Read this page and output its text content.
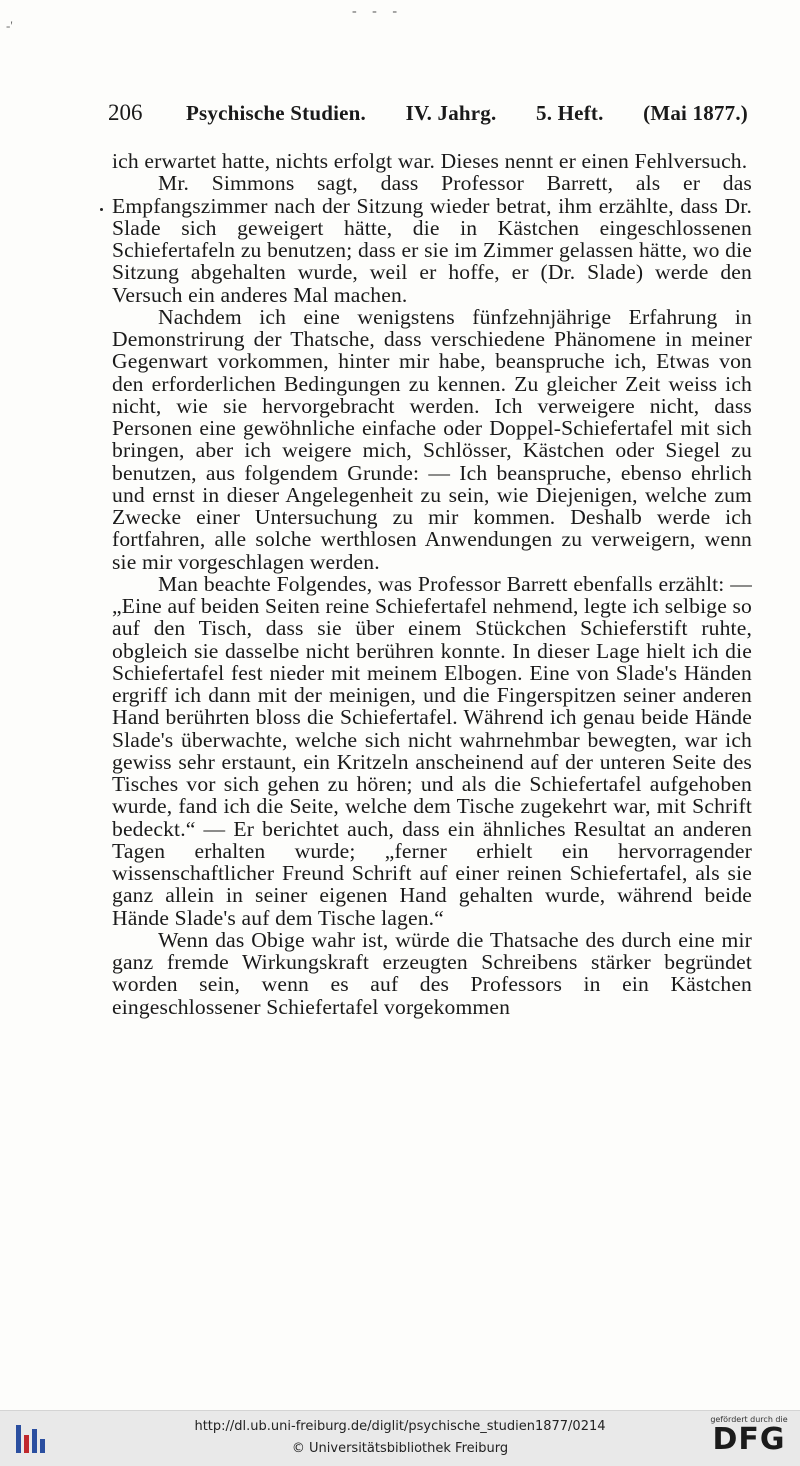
- - -
-'
206	Psychische Studien. IV. Jahrg. 5. Heft. (Mai 1877.)

ich erwartet hatte, nichts erfolgt war. Dieses nennt er einen Fehlversuch.

Mr. Simmons sagt, dass Professor Barrett, als er das Empfangszimmer nach der Sitzung wieder betrat, ihm erzählte, dass Dr. Slade sich geweigert hätte, die in Kästchen eingeschlossenen Schiefertafeln zu benutzen; dass er sie im Zimmer gelassen hätte, wo die Sitzung abgehalten wurde, weil er hoffe, er (Dr. Slade) werde den Versuch ein anderes Mal machen.

Nachdem ich eine wenigstens fünfzehnjährige Erfahrung in Demonstrirung der Thatsche, dass verschiedene Phänomene in meiner Gegenwart vorkommen, hinter mir habe, beanspruche ich, Etwas von den erforderlichen Bedingungen zu kennen. Zu gleicher Zeit weiss ich nicht, wie sie hervorgebracht werden. Ich verweigere nicht, dass Personen eine gewöhnliche einfache oder Doppel-Schiefertafel mit sich bringen, aber ich weigere mich, Schlösser, Kästchen oder Siegel zu benutzen, aus folgendem Grunde: — Ich beanspruche, ebenso ehrlich und ernst in dieser Angelegenheit zu sein, wie Diejenigen, welche zum Zwecke einer Untersuchung zu mir kommen. Deshalb werde ich fortfahren, alle solche werthlosen Anwendungen zu verweigern, wenn sie mir vorgeschlagen werden.

Man beachte Folgendes, was Professor Barrett ebenfalls erzählt: — „Eine auf beiden Seiten reine Schiefertafel nehmend, legte ich selbige so auf den Tisch, dass sie über einem Stückchen Schieferstift ruhte, obgleich sie dasselbe nicht berühren konnte. In dieser Lage hielt ich die Schiefertafel fest nieder mit meinem Elbogen. Eine von Slade's Händen ergriff ich dann mit der meinigen, und die Fingerspitzen seiner anderen Hand berührten bloss die Schiefertafel. Während ich genau beide Hände Slade's überwachte, welche sich nicht wahrnehmbar bewegten, war ich gewiss sehr erstaunt, ein Kritzeln anscheinend auf der unteren Seite des Tisches vor sich gehen zu hören; und als die Schiefertafel aufgehoben wurde, fand ich die Seite, welche dem Tische zugekehrt war, mit Schrift bedeckt.“ — Er berichtet auch, dass ein ähnliches Resultat an anderen Tagen erhalten wurde; „ferner erhielt ein hervorragender wissenschaftlicher Freund Schrift auf einer reinen Schiefertafel, als sie ganz allein in seiner eigenen Hand gehalten wurde, während beide Hände Slade's auf dem Tische lagen.“

Wenn das Obige wahr ist, würde die Thatsache des durch eine mir ganz fremde Wirkungskraft erzeugten Schreibens stärker begründet worden sein, wenn es auf des Professors in ein Kästchen eingeschlossener Schiefertafel vorgekommen

http://dl.ub.uni-freiburg.de/diglit/psychische_studien1877/0214
© Universitätsbibliothek Freiburg
gefördert durch die
DFG
